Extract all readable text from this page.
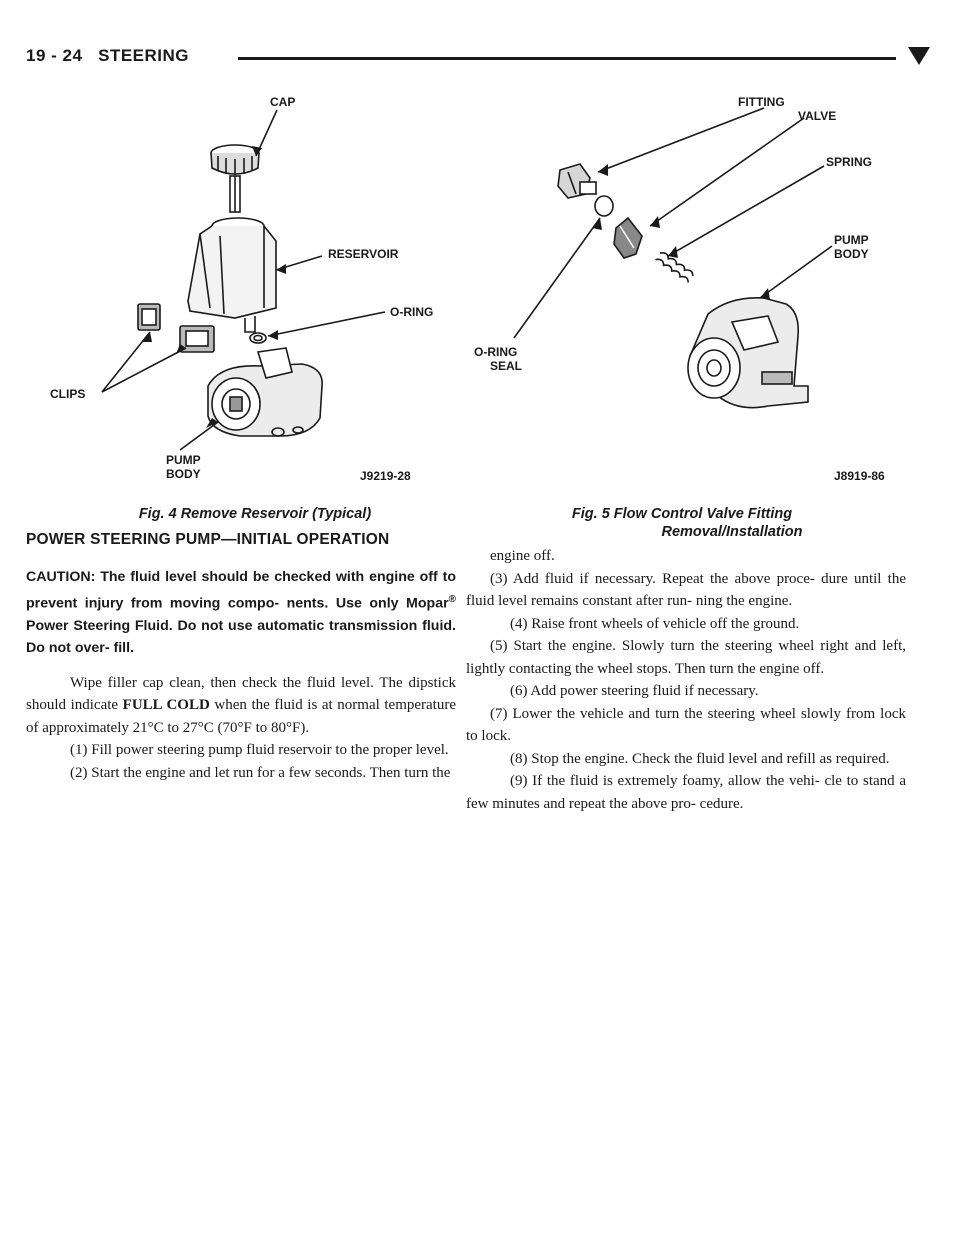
19 - 24 STEERING
CAP
RESERVOIR
O-RING
CLIPS
PUMP
BODY	J9219-28
Fig. 4 Remove Reservoir (Typical)
FITTING
VALVE
SPRING
PUMP
BODY
O-RING
SEAL
J8919-86
Fig. 5 Flow Control Valve Fitting
Removal/Installation
POWER STEERING PUMP—INITIAL OPERATION

CAUTION: The fluid level should be checked with engine off to prevent injury from moving compo- nents. Use only Mopar® Power Steering Fluid. Do not use automatic transmission fluid. Do not over- fill.

Wipe filler cap clean, then check the fluid level. The dipstick should indicate FULL COLD when the fluid is at normal temperature of approximately 21°C to 27°C (70°F to 80°F).

(1) Fill power steering pump fluid reservoir to the proper level.

(2) Start the engine and let run for a few seconds. Then turn the

engine off.

(3) Add fluid if necessary. Repeat the above proce- dure until the fluid level remains constant after run- ning the engine.

(4) Raise front wheels of vehicle off the ground.

(5) Start the engine. Slowly turn the steering wheel right and left, lightly contacting the wheel stops. Then turn the engine off.

(6) Add power steering fluid if necessary.

(7) Lower the vehicle and turn the steering wheel slowly from lock to lock.

(8) Stop the engine. Check the fluid level and refill as required.

(9) If the fluid is extremely foamy, allow the vehi- cle to stand a few minutes and repeat the above pro- cedure.
